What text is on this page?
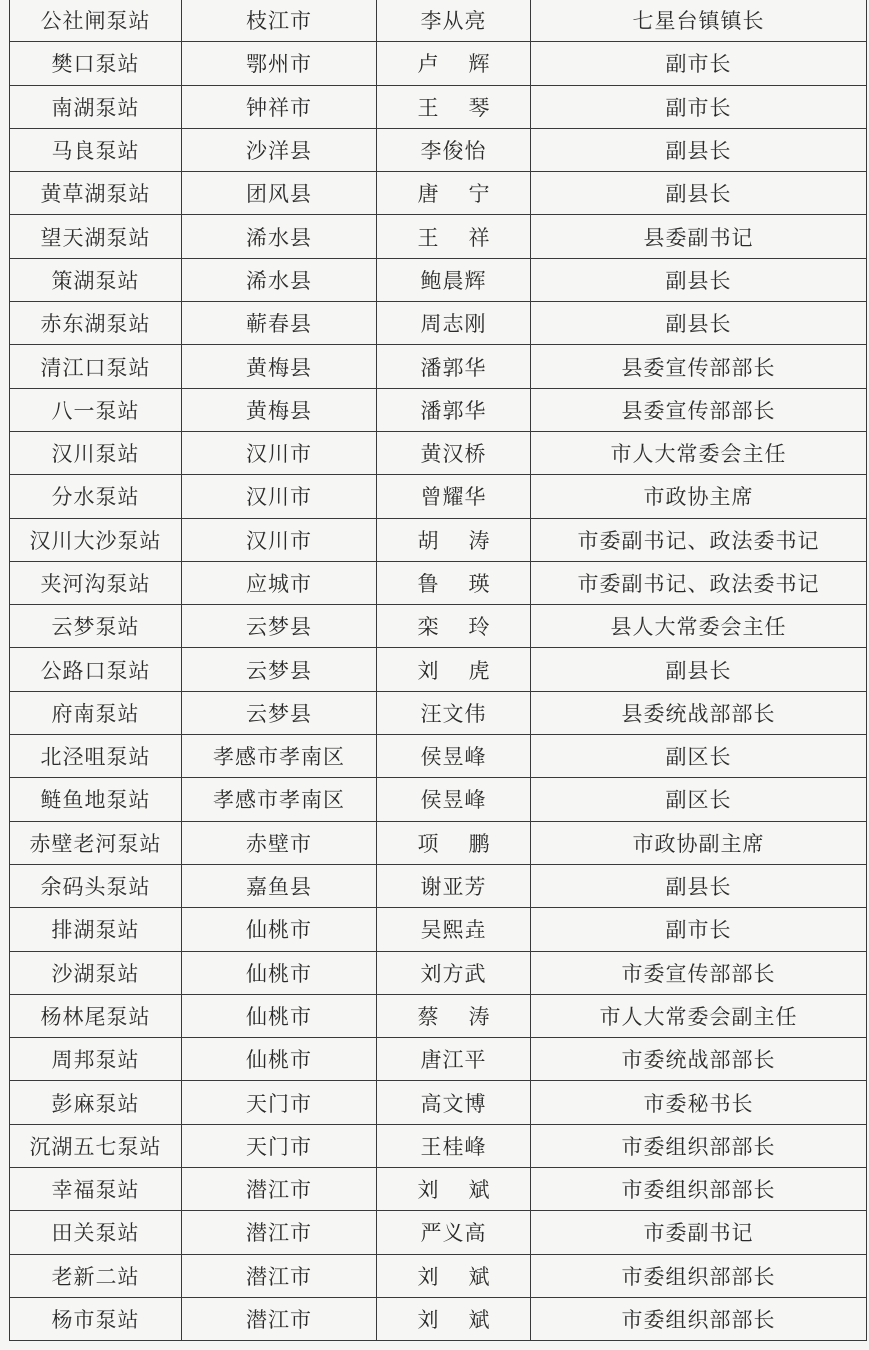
公社闸泵站	枝江市	李从亮	七星台镇镇长
樊口泵站	鄂州市	卢辉	副市长
南湖泵站	钟祥市	王琴	副市长
马良泵站	沙洋县	李俊怡	副县长
黄草湖泵站	团风县	唐宁	副县长
望天湖泵站	浠水县	王祥	县委副书记
策湖泵站	浠水县	鲍晨辉	副县长
赤东湖泵站	蕲春县	周志刚	副县长
清江口泵站	黄梅县	潘郭华	县委宣传部部长
八一泵站	黄梅县	潘郭华	县委宣传部部长
汉川泵站	汉川市	黄汉桥	市人大常委会主任
分水泵站	汉川市	曾耀华	市政协主席
汉川大沙泵站	汉川市	胡涛	市委副书记、政法委书记
夹河沟泵站	应城市	鲁瑛	市委副书记、政法委书记
云梦泵站	云梦县	栾玲	县人大常委会主任
公路口泵站	云梦县	刘虎	副县长
府南泵站	云梦县	汪文伟	县委统战部部长
北泾咀泵站	孝感市孝南区	侯昱峰	副区长
鲢鱼地泵站	孝感市孝南区	侯昱峰	副区长
赤壁老河泵站	赤壁市	项鹏	市政协副主席
余码头泵站	嘉鱼县	谢亚芳	副县长
排湖泵站	仙桃市	吴熙垚	副市长
沙湖泵站	仙桃市	刘方武	市委宣传部部长
杨林尾泵站	仙桃市	蔡涛	市人大常委会副主任
周邦泵站	仙桃市	唐江平	市委统战部部长
彭麻泵站	天门市	高文博	市委秘书长
沉湖五七泵站	天门市	王桂峰	市委组织部部长
幸福泵站	潜江市	刘斌	市委组织部部长
田关泵站	潜江市	严义高	市委副书记
老新二站	潜江市	刘斌	市委组织部部长
杨市泵站	潜江市	刘斌	市委组织部部长
